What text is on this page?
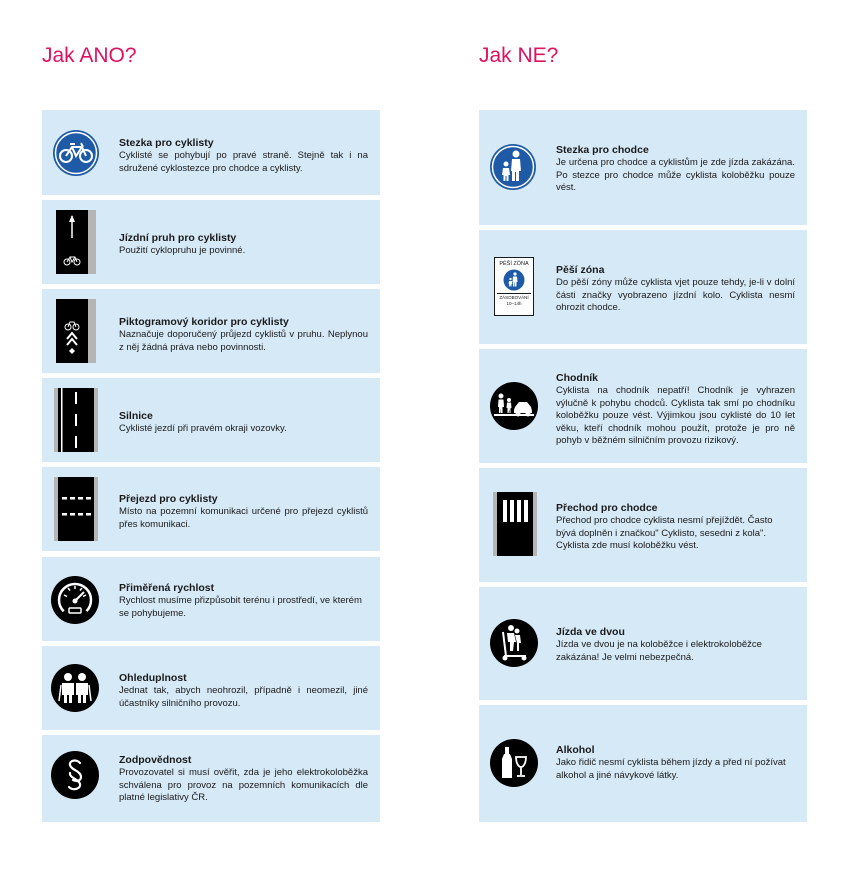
Jak ANO?	Jak NE?
Stezka pro cyklisty
Cyklisté se pohybují po pravé straně. Stejně tak i na sdružené cyklostezce pro chodce a cyklisty.
Jízdní pruh pro cyklisty
Použití cyklopruhu je povinné.
Piktogramový koridor pro cyklisty
Naznačuje doporučený průjezd cyklistů v pruhu. Neplynou z něj žádná práva nebo povinnosti.
Silnice
Cyklisté jezdí při pravém okraji vozovky.
Přejezd pro cyklisty
Místo na pozemní komunikaci určené pro přejezd cyklistů přes komunikaci.
Přiměřená rychlost
Rychlost musíme přizpůsobit terénu i prostředí, ve kterém se pohybujeme.
Ohleduplnost
Jednat tak, abych neohrozil, případně i neomezil, jiné účastníky silničního provozu.
Zodpovědnost
Provozovatel si musí ověřit, zda je jeho elektrokoloběžka schválena pro provoz na pozemních komunikacích dle platné legislativy ČR.
Stezka pro chodce
Je určena pro chodce a cyklistům je zde jízda zakázána. Po stezce pro chodce může cyklista koloběžku pouze vést.
PĚŠÍ ZÓNA
ZÁSOBOVÁNÍ
10–14h
Pěší zóna
Do pěší zóny může cyklista vjet pouze tehdy, je-li v dolní části značky vyobrazeno jízdní kolo. Cyklista nesmí ohrozit chodce.
Chodník
Cyklista na chodník nepatří! Chodník je vyhrazen výlučně k pohybu chodců. Cyklista tak smí po chodníku koloběžku pouze vést. Výjimkou jsou cyklisté do 10 let věku, kteří chodník mohou použít, protože je pro ně pohyb v běžném silničním provozu rizikový.
Přechod pro chodce
Přechod pro chodce cyklista nesmí přejíždět. Často bývá doplněn i značkou" Cyklisto, sesedni z kola". Cyklista zde musí koloběžku vést.
Jízda ve dvou
Jízda ve dvou je na koloběžce i elektrokoloběžce zakázána! Je velmi nebezpečná.
Alkohol
Jako řidič nesmí cyklista během jízdy a před ní požívat alkohol a jiné návykové látky.
